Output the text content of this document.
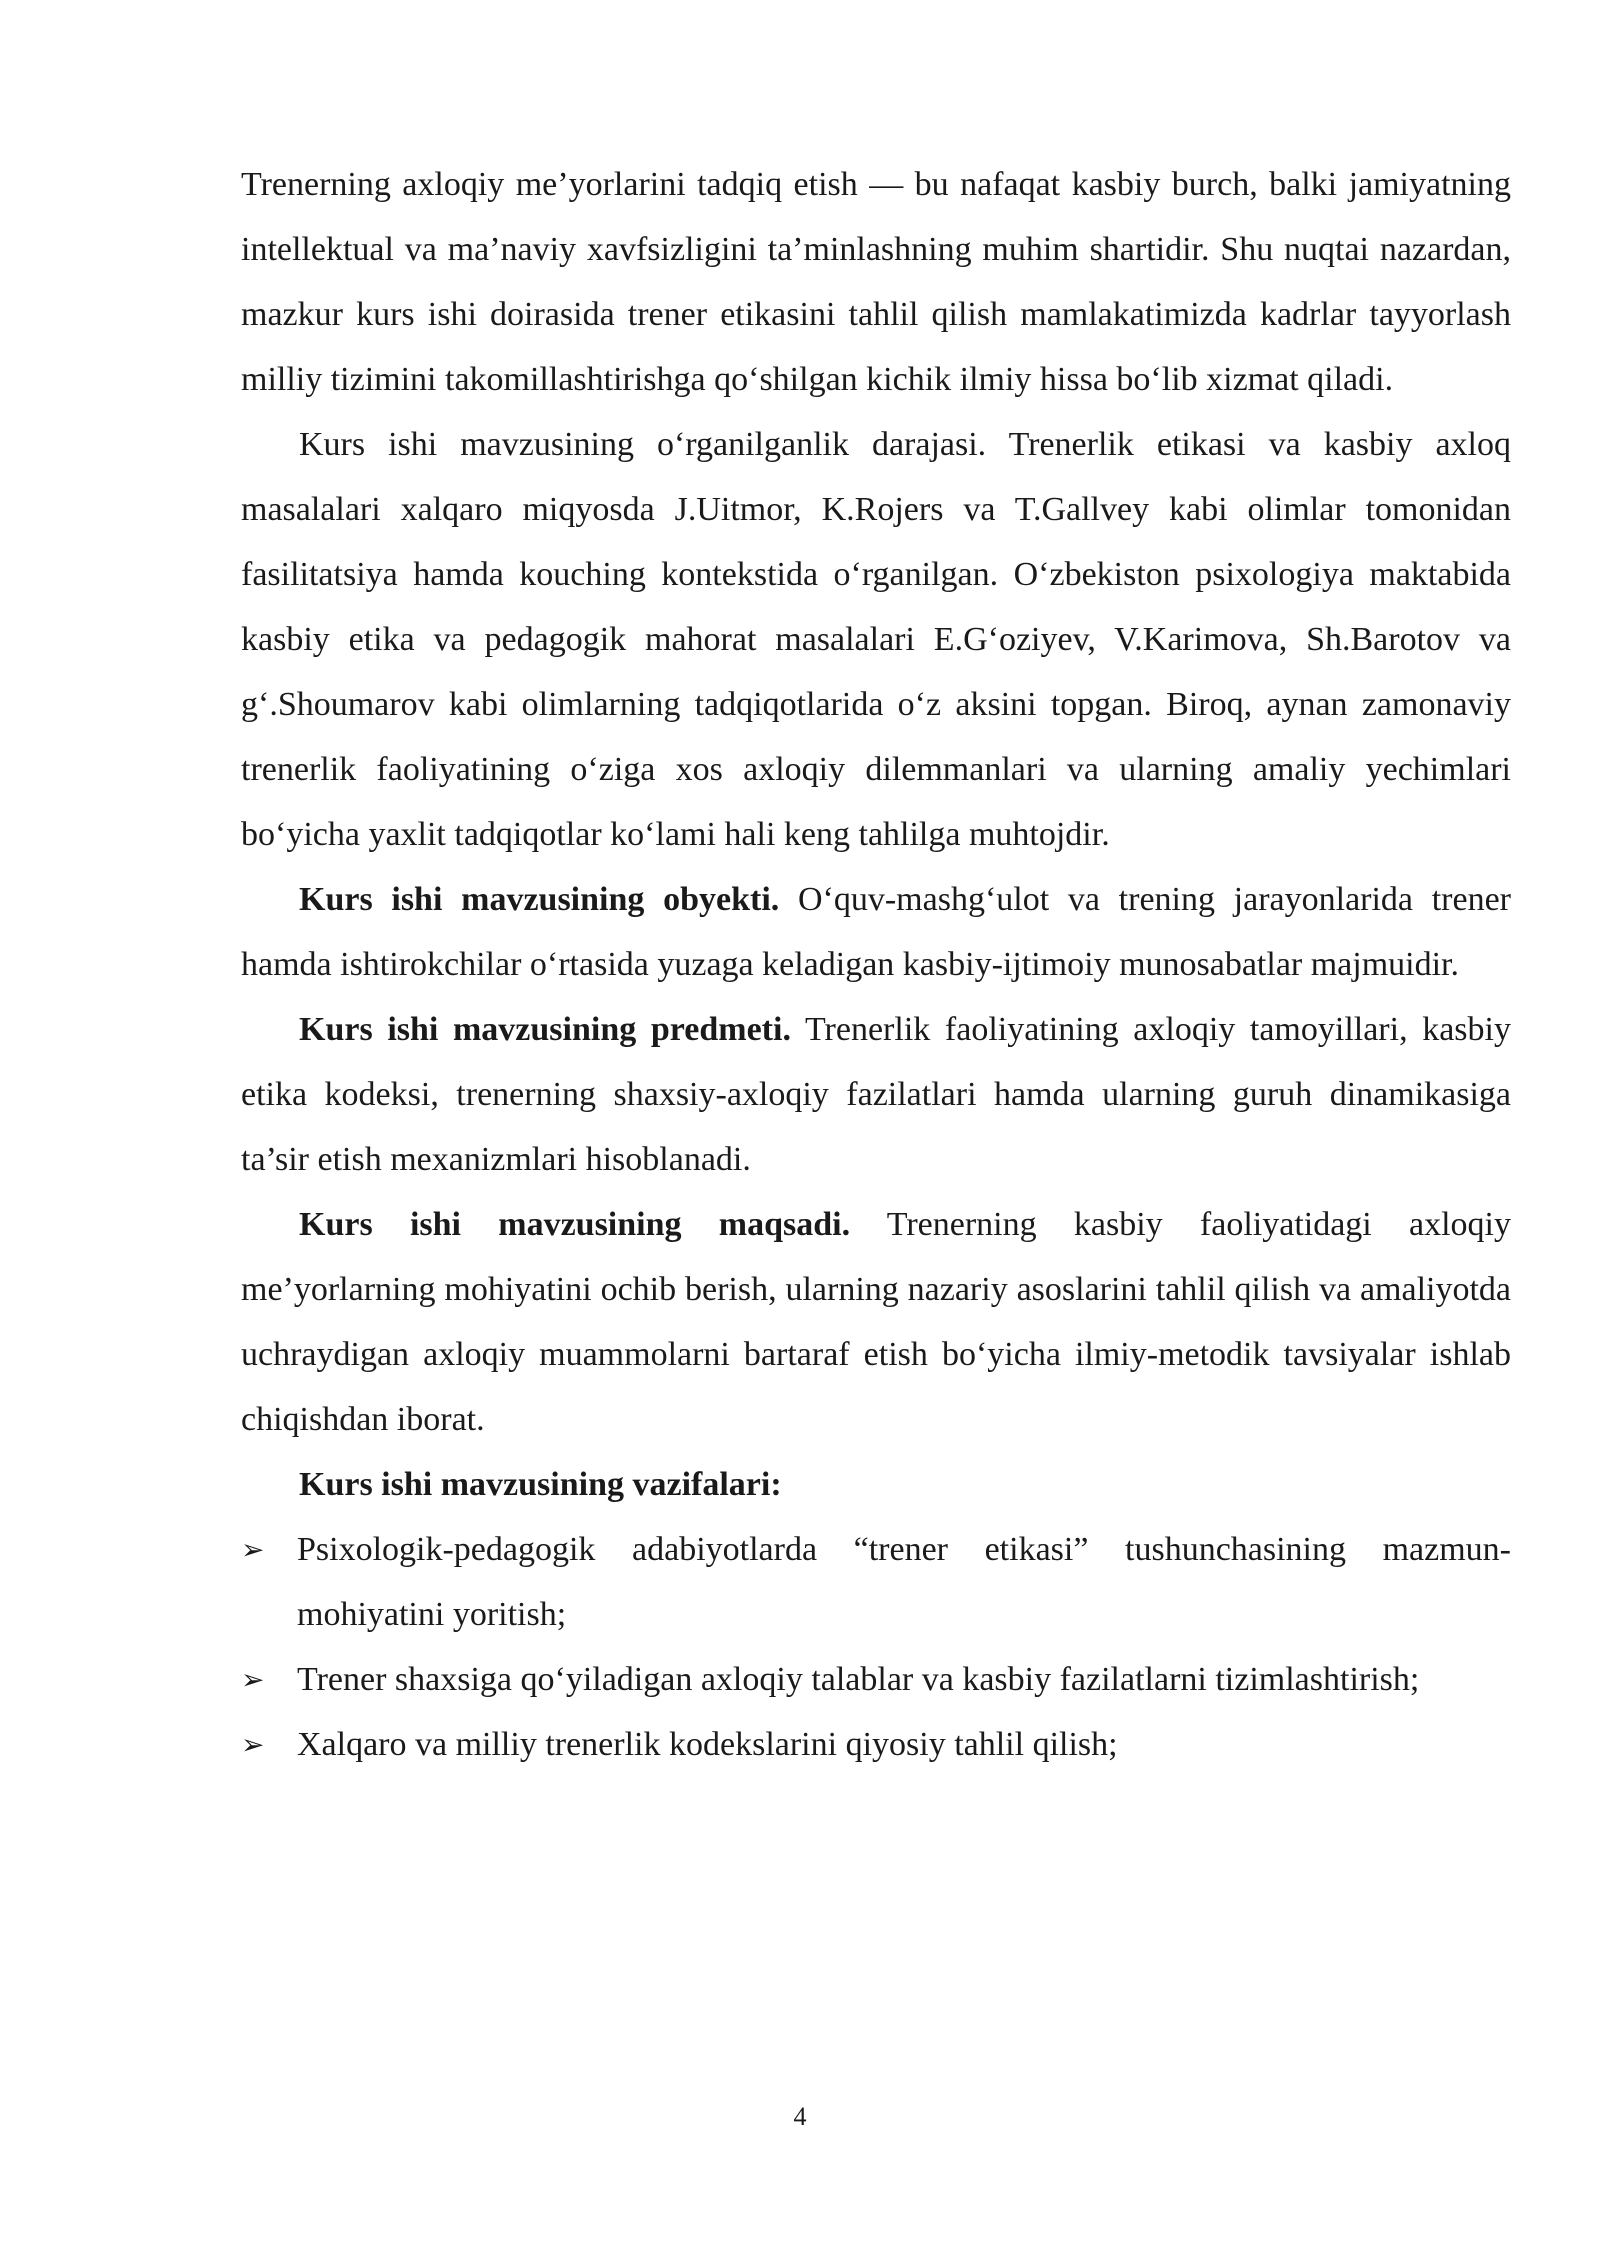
Trenerning axloqiy me’yorlarini tadqiq etish — bu nafaqat kasbiy burch, balki jamiyatning intellektual va ma’naviy xavfsizligini ta’minlashning muhim shartidir. Shu nuqtai nazardan, mazkur kurs ishi doirasida trener etikasini tahlil qilish mamlakatimizda kadrlar tayyorlash milliy tizimini takomillashtirishga qo‘shilgan kichik ilmiy hissa bo‘lib xizmat qiladi.

Kurs ishi mavzusining o‘rganilganlik darajasi. Trenerlik etikasi va kasbiy axloq masalalari xalqaro miqyosda J.Uitmor, K.Rojers va T.Gallvey kabi olimlar tomonidan fasilitatsiya hamda kouching kontekstida o‘rganilgan. O‘zbekiston psixologiya maktabida kasbiy etika va pedagogik mahorat masalalari E.G‘oziyev, V.Karimova, Sh.Barotov va g‘.Shoumarov kabi olimlarning tadqiqotlarida o‘z aksini topgan. Biroq, aynan zamonaviy trenerlik faoliyatining o‘ziga xos axloqiy dilemmanlari va ularning amaliy yechimlari bo‘yicha yaxlit tadqiqotlar ko‘lami hali keng tahlilga muhtojdir.

Kurs ishi mavzusining obyekti. O‘quv-mashg‘ulot va trening jarayonlarida trener hamda ishtirokchilar o‘rtasida yuzaga keladigan kasbiy-ijtimoiy munosabatlar majmuidir.

Kurs ishi mavzusining predmeti. Trenerlik faoliyatining axloqiy tamoyillari, kasbiy etika kodeksi, trenerning shaxsiy-axloqiy fazilatlari hamda ularning guruh dinamikasiga ta’sir etish mexanizmlari hisoblanadi.

Kurs ishi mavzusining maqsadi. Trenerning kasbiy faoliyatidagi axloqiy me’yorlarning mohiyatini ochib berish, ularning nazariy asoslarini tahlil qilish va amaliyotda uchraydigan axloqiy muammolarni bartaraf etish bo‘yicha ilmiy-metodik tavsiyalar ishlab chiqishdan iborat.

Kurs ishi mavzusining vazifalari:

➢ Psixologik-pedagogik adabiyotlarda “trener etikasi” tushunchasining mazmun-mohiyatini yoritish;
➢ Trener shaxsiga qo‘yiladigan axloqiy talablar va kasbiy fazilatlarni tizimlashtirish;
➢ Xalqaro va milliy trenerlik kodekslarini qiyosiy tahlil qilish;
4
